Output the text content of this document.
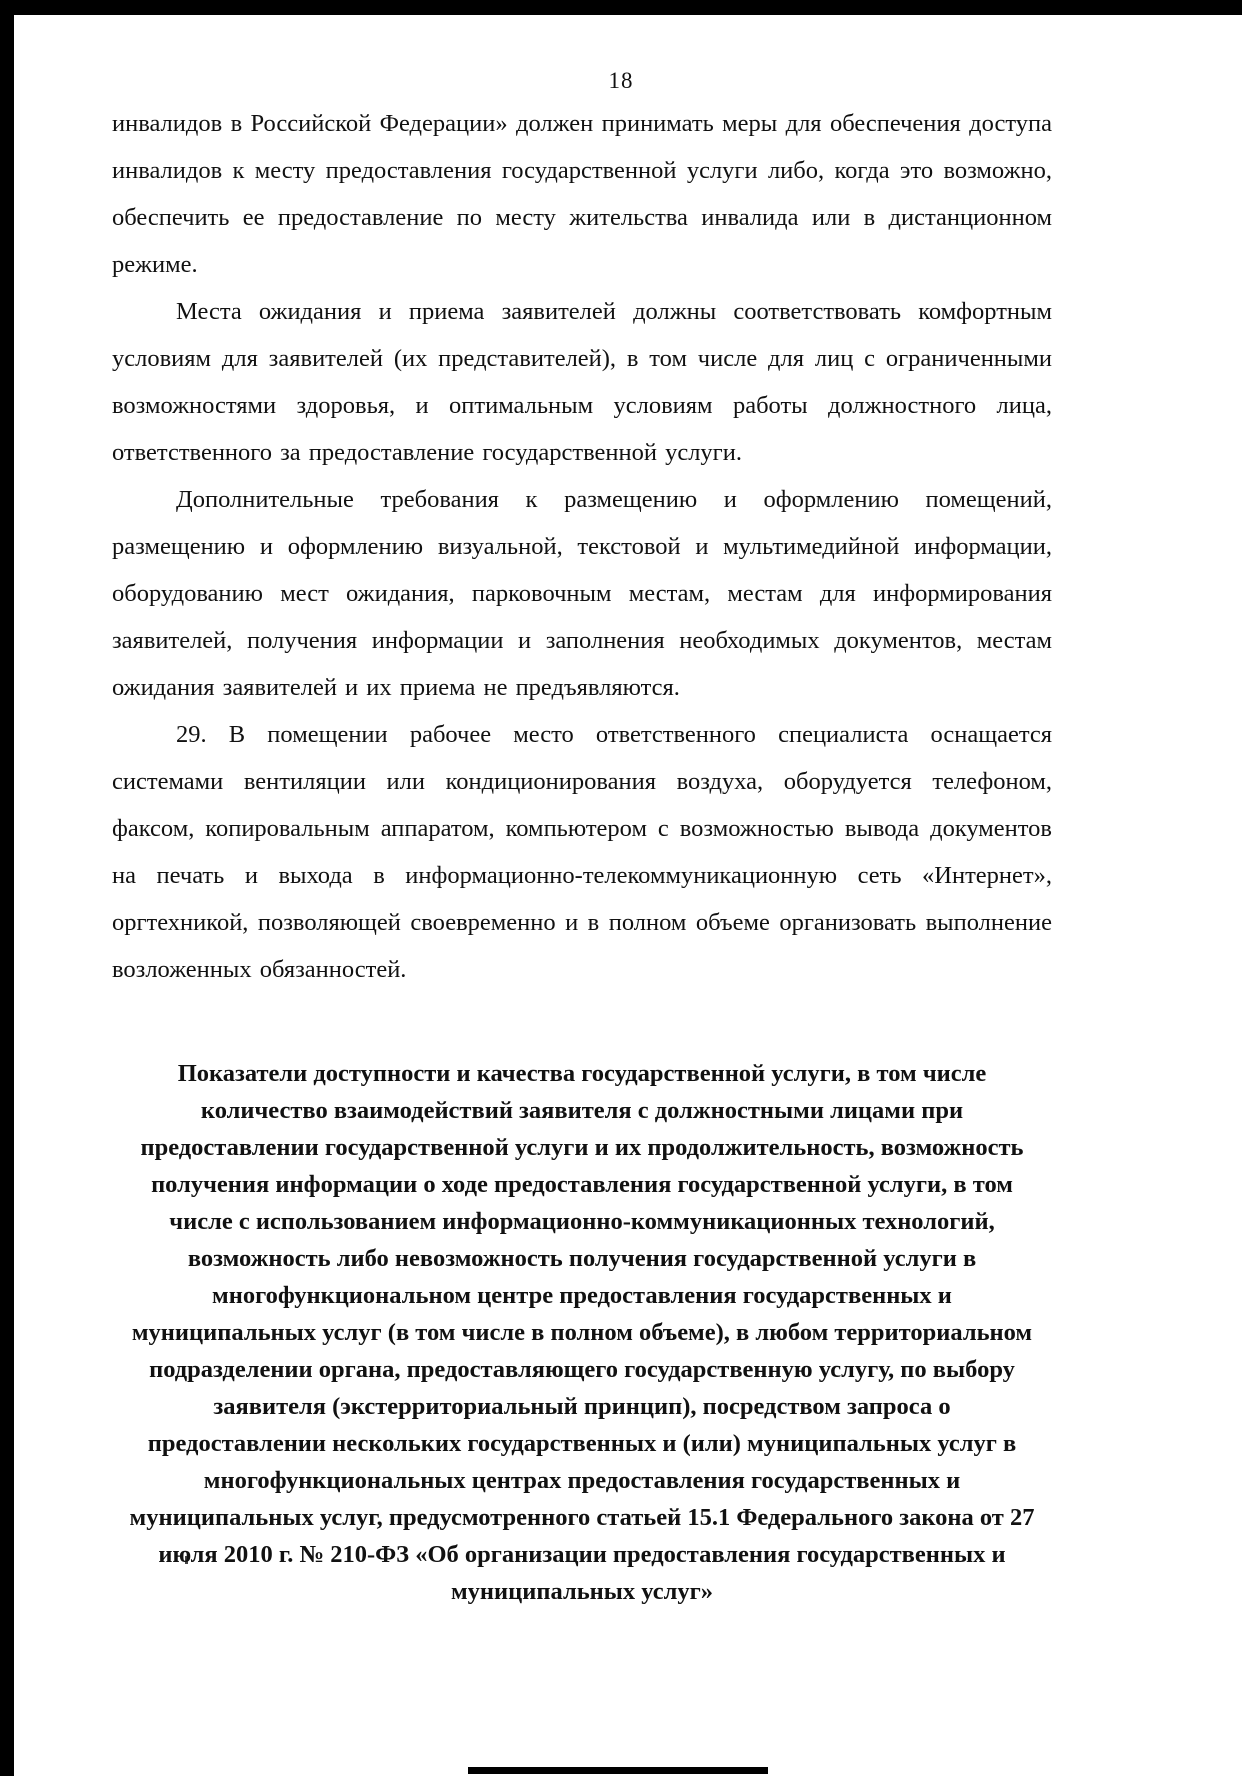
18

инвалидов в Российской Федерации» должен принимать меры для обеспечения доступа инвалидов к месту предоставления государственной услуги либо, когда это возможно, обеспечить ее предоставление по месту жительства инвалида или в дистанционном режиме.

Места ожидания и приема заявителей должны соответствовать комфортным условиям для заявителей (их представителей), в том числе для лиц с ограниченными возможностями здоровья, и оптимальным условиям работы должностного лица, ответственного за предоставление государственной услуги.

Дополнительные требования к размещению и оформлению помещений, размещению и оформлению визуальной, текстовой и мультимедийной информации, оборудованию мест ожидания, парковочным местам, местам для информирования заявителей, получения информации и заполнения необходимых документов, местам ожидания заявителей и их приема не предъявляются.

29. В помещении рабочее место ответственного специалиста оснащается системами вентиляции или кондиционирования воздуха, оборудуется телефоном, факсом, копировальным аппаратом, компьютером с возможностью вывода документов на печать и выхода в информационно-телекоммуникационную сеть «Интернет», оргтехникой, позволяющей своевременно и в полном объеме организовать выполнение возложенных обязанностей.

Показатели доступности и качества государственной услуги, в том числе количество взаимодействий заявителя с должностными лицами при предоставлении государственной услуги и их продолжительность, возможность получения информации о ходе предоставления государственной услуги, в том числе с использованием информационно-коммуникационных технологий, возможность либо невозможность получения государственной услуги в многофункциональном центре предоставления государственных и муниципальных услуг (в том числе в полном объеме), в любом территориальном подразделении органа, предоставляющего государственную услугу, по выбору заявителя (экстерриториальный принцип), посредством запроса о предоставлении нескольких государственных и (или) муниципальных услуг в многофункциональных центрах предоставления государственных и муниципальных услуг, предусмотренного статьей 15.1 Федерального закона от 27 июля 2010 г. № 210-ФЗ «Об организации предоставления государственных и муниципальных услуг»
